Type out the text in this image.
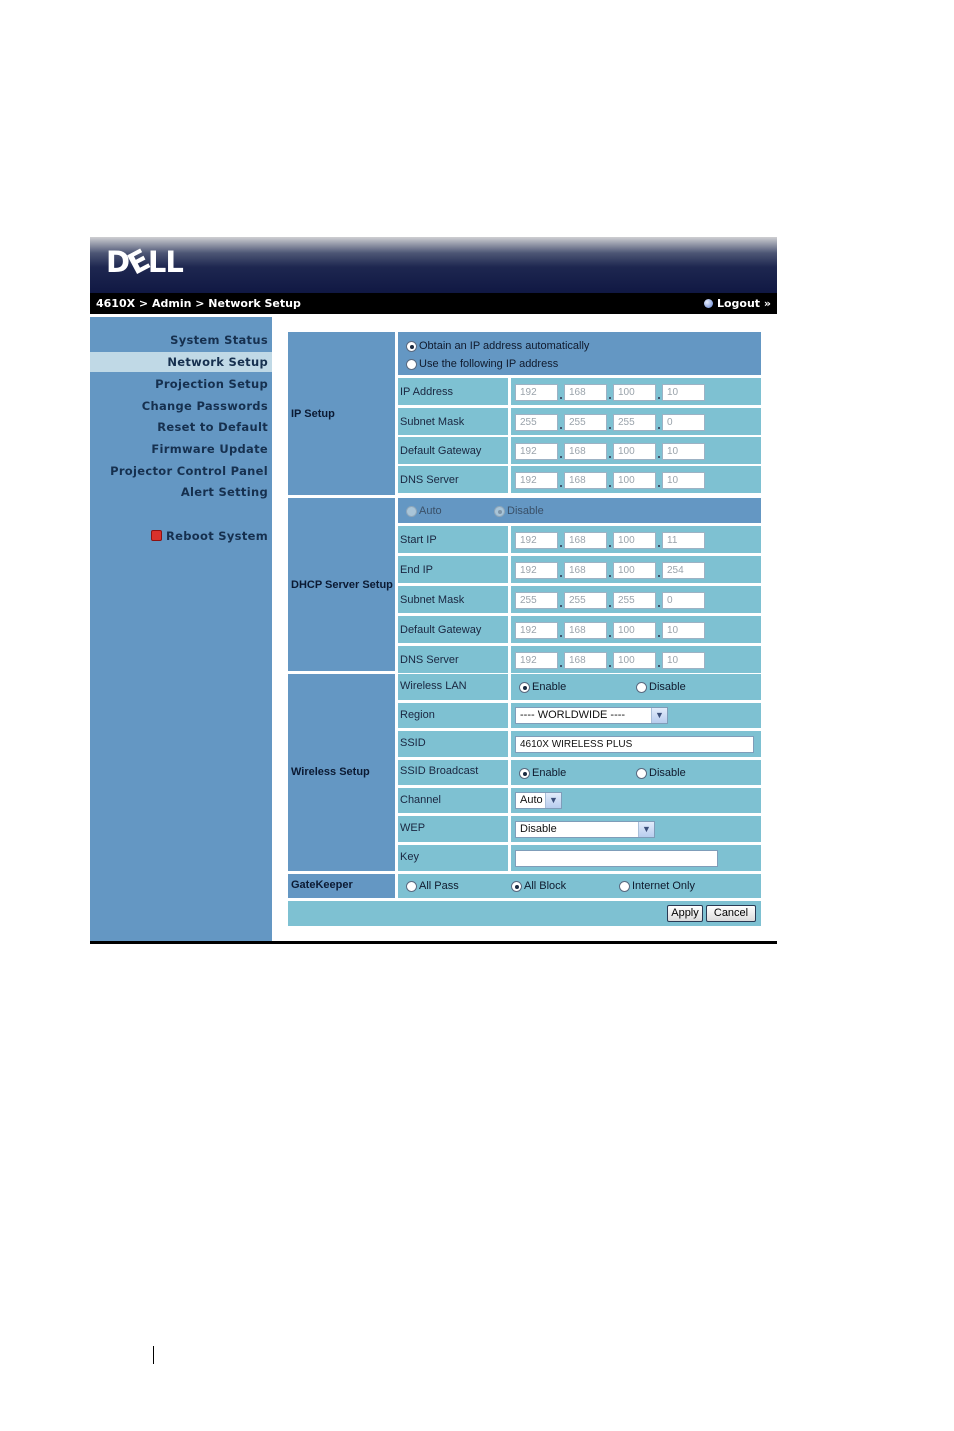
DELL
4610X > Admin > Network Setup	Logout »
System Status
Network Setup
Projection Setup
Change Passwords
Reset to Default
Firmware Update
Projector Control Panel
Alert Setting
Reboot System
IP Setup
Obtain an IP address automatically
Use the following IP address
IP Address	192	168	100	10
Subnet Mask	255	255	255	0
Default Gateway	192	168	100	10
DNS Server	192	168	100	10
DHCP Server Setup
Auto	Disable
Start IP	192	168	100	11
End IP	192	168	100	254
Subnet Mask	255	255	255	0
Default Gateway	192	168	100	10
DNS Server	192	168	100	10
Wireless Setup
Wireless LAN	Enable	Disable
Region	---- WORLDWIDE ----	▼
SSID	4610X WIRELESS PLUS
SSID Broadcast	Enable	Disable
Channel	Auto ▼
WEP	Disable	▼
Key
GateKeeper	All Pass	All Block	Internet Only
Apply	Cancel
